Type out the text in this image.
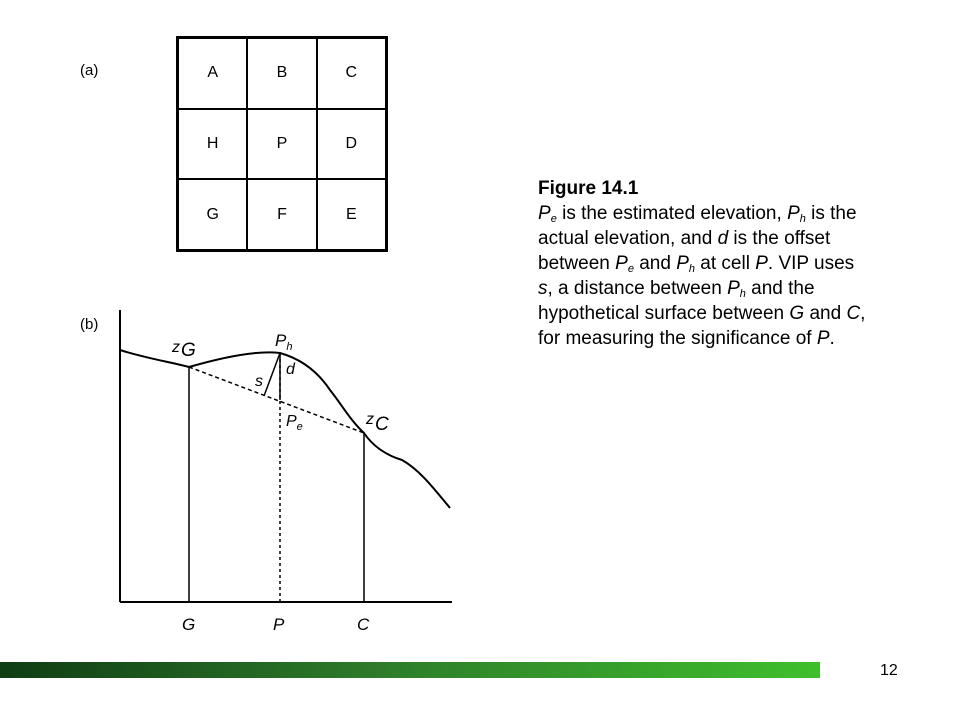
(a)	A	B	C
H	P	D
G	F	E
(b)
zG	$P_h$
d
s
$P_e$	zC
G	P	C
Figure 14.1
$P_e$ is the estimated elevation, $P_h$ is the actual elevation, and d is the offset between $P_e$ and $P_h$ at cell P. VIP uses s, a distance between $P_h$ and the hypothetical surface between G and C, for measuring the significance of P.
12
